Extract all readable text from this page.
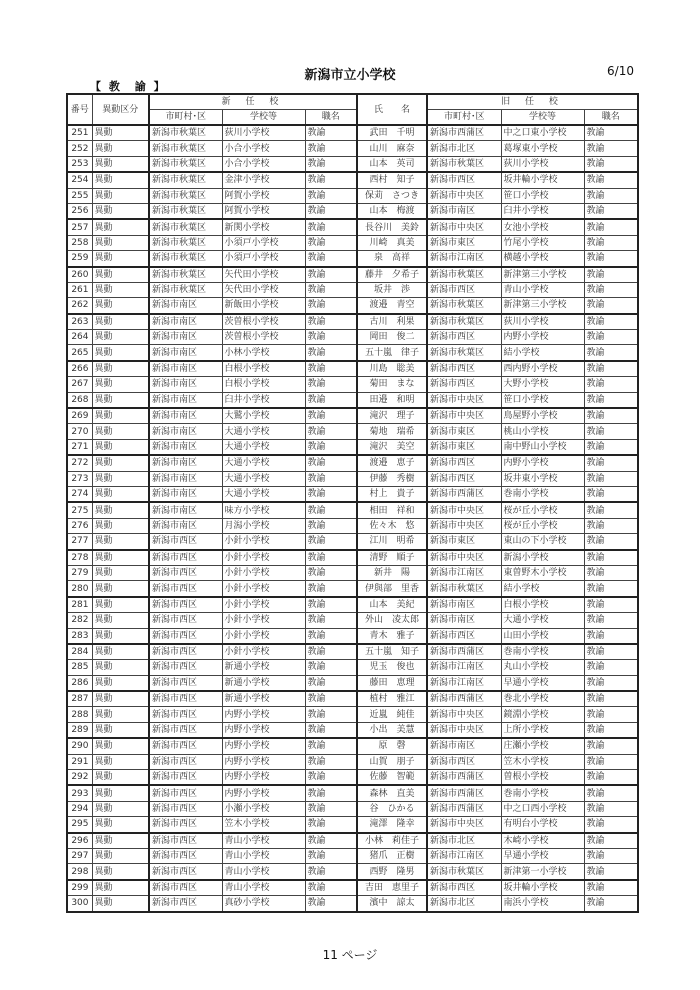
新潟市立小学校	6/10
【 教　諭 】
番号	異動区分	新 任 校			氏　　名	旧 任 校		
		市町村･区	学校等	職名		市町村･区	学校等	職名
251	異動	新潟市秋葉区	荻川小学校	教諭	武田　千明	新潟市西蒲区	中之口東小学校	教諭
252	異動	新潟市秋葉区	小合小学校	教諭	山川　麻奈	新潟市北区	葛塚東小学校	教諭
253	異動	新潟市秋葉区	小合小学校	教諭	山本　英司	新潟市秋葉区	荻川小学校	教諭
254	異動	新潟市秋葉区	金津小学校	教諭	西村　知子	新潟市西区	坂井輪小学校	教諭
255	異動	新潟市秋葉区	阿賀小学校	教諭	保苅　さつき	新潟市中央区	笹口小学校	教諭
256	異動	新潟市秋葉区	阿賀小学校	教諭	山本　梅渡	新潟市南区	臼井小学校	教諭
257	異動	新潟市秋葉区	新関小学校	教諭	長谷川　美鈴	新潟市中央区	女池小学校	教諭
258	異動	新潟市秋葉区	小須戸小学校	教諭	川崎　真美	新潟市東区	竹尾小学校	教諭
259	異動	新潟市秋葉区	小須戸小学校	教諭	泉　高祥	新潟市江南区	横越小学校	教諭
260	異動	新潟市秋葉区	矢代田小学校	教諭	藤井　夕希子	新潟市秋葉区	新津第三小学校	教諭
261	異動	新潟市秋葉区	矢代田小学校	教諭	坂井　渉	新潟市西区	青山小学校	教諭
262	異動	新潟市南区	新飯田小学校	教諭	渡邉　青空	新潟市秋葉区	新津第三小学校	教諭
263	異動	新潟市南区	茨曽根小学校	教諭	古川　利果	新潟市秋葉区	荻川小学校	教諭
264	異動	新潟市南区	茨曽根小学校	教諭	岡田　俊二	新潟市西区	内野小学校	教諭
265	異動	新潟市南区	小林小学校	教諭	五十嵐　律子	新潟市秋葉区	結小学校	教諭
266	異動	新潟市南区	白根小学校	教諭	川島　聡美	新潟市西区	西内野小学校	教諭
267	異動	新潟市南区	白根小学校	教諭	菊田　まな	新潟市西区	大野小学校	教諭
268	異動	新潟市南区	臼井小学校	教諭	田邉　和明	新潟市中央区	笹口小学校	教諭
269	異動	新潟市南区	大鷲小学校	教諭	滝沢　理子	新潟市中央区	鳥屋野小学校	教諭
270	異動	新潟市南区	大通小学校	教諭	菊地　瑞希	新潟市東区	桃山小学校	教諭
271	異動	新潟市南区	大通小学校	教諭	滝沢　美空	新潟市東区	南中野山小学校	教諭
272	異動	新潟市南区	大通小学校	教諭	渡邉　恵子	新潟市西区	内野小学校	教諭
273	異動	新潟市南区	大通小学校	教諭	伊藤　秀樹	新潟市西区	坂井東小学校	教諭
274	異動	新潟市南区	大通小学校	教諭	村上　貴子	新潟市西蒲区	巻南小学校	教諭
275	異動	新潟市南区	味方小学校	教諭	相田　祥和	新潟市中央区	桜が丘小学校	教諭
276	異動	新潟市南区	月潟小学校	教諭	佐々木　悠	新潟市中央区	桜が丘小学校	教諭
277	異動	新潟市西区	小針小学校	教諭	江川　明希	新潟市東区	東山の下小学校	教諭
278	異動	新潟市西区	小針小学校	教諭	清野　順子	新潟市中央区	新潟小学校	教諭
279	異動	新潟市西区	小針小学校	教諭	新井　陽	新潟市江南区	東曽野木小学校	教諭
280	異動	新潟市西区	小針小学校	教諭	伊與部　里香	新潟市秋葉区	結小学校	教諭
281	異動	新潟市西区	小針小学校	教諭	山本　美紀	新潟市南区	白根小学校	教諭
282	異動	新潟市西区	小針小学校	教諭	外山　凌太郎	新潟市南区	大通小学校	教諭
283	異動	新潟市西区	小針小学校	教諭	青木　雅子	新潟市西区	山田小学校	教諭
284	異動	新潟市西区	小針小学校	教諭	五十嵐　知子	新潟市西蒲区	巻南小学校	教諭
285	異動	新潟市西区	新通小学校	教諭	児玉　俊也	新潟市江南区	丸山小学校	教諭
286	異動	新潟市西区	新通小学校	教諭	藤田　恵理	新潟市江南区	早通小学校	教諭
287	異動	新潟市西区	新通小学校	教諭	植村　雅江	新潟市西蒲区	巻北小学校	教諭
288	異動	新潟市西区	内野小学校	教諭	近嵐　純佳	新潟市中央区	鏡淵小学校	教諭
289	異動	新潟市西区	内野小学校	教諭	小出　美慧	新潟市中央区	上所小学校	教諭
290	異動	新潟市西区	内野小学校	教諭	原　磬	新潟市南区	庄瀬小学校	教諭
291	異動	新潟市西区	内野小学校	教諭	山賀　朋子	新潟市西区	笠木小学校	教諭
292	異動	新潟市西区	内野小学校	教諭	佐藤　智範	新潟市西蒲区	曽根小学校	教諭
293	異動	新潟市西区	内野小学校	教諭	森林　直美	新潟市西蒲区	巻南小学校	教諭
294	異動	新潟市西区	小瀬小学校	教諭	谷　ひかる	新潟市西蒲区	中之口西小学校	教諭
295	異動	新潟市西区	笠木小学校	教諭	滝澤　隆幸	新潟市中央区	有明台小学校	教諭
296	異動	新潟市西区	青山小学校	教諭	小林　莉佳子	新潟市北区	木崎小学校	教諭
297	異動	新潟市西区	青山小学校	教諭	猪爪　正樹	新潟市江南区	早通小学校	教諭
298	異動	新潟市西区	青山小学校	教諭	西野　隆男	新潟市秋葉区	新津第一小学校	教諭
299	異動	新潟市西区	青山小学校	教諭	吉田　恵里子	新潟市西区	坂井輪小学校	教諭
300	異動	新潟市西区	真砂小学校	教諭	濱中　諒太	新潟市北区	南浜小学校	教諭
11 ページ
